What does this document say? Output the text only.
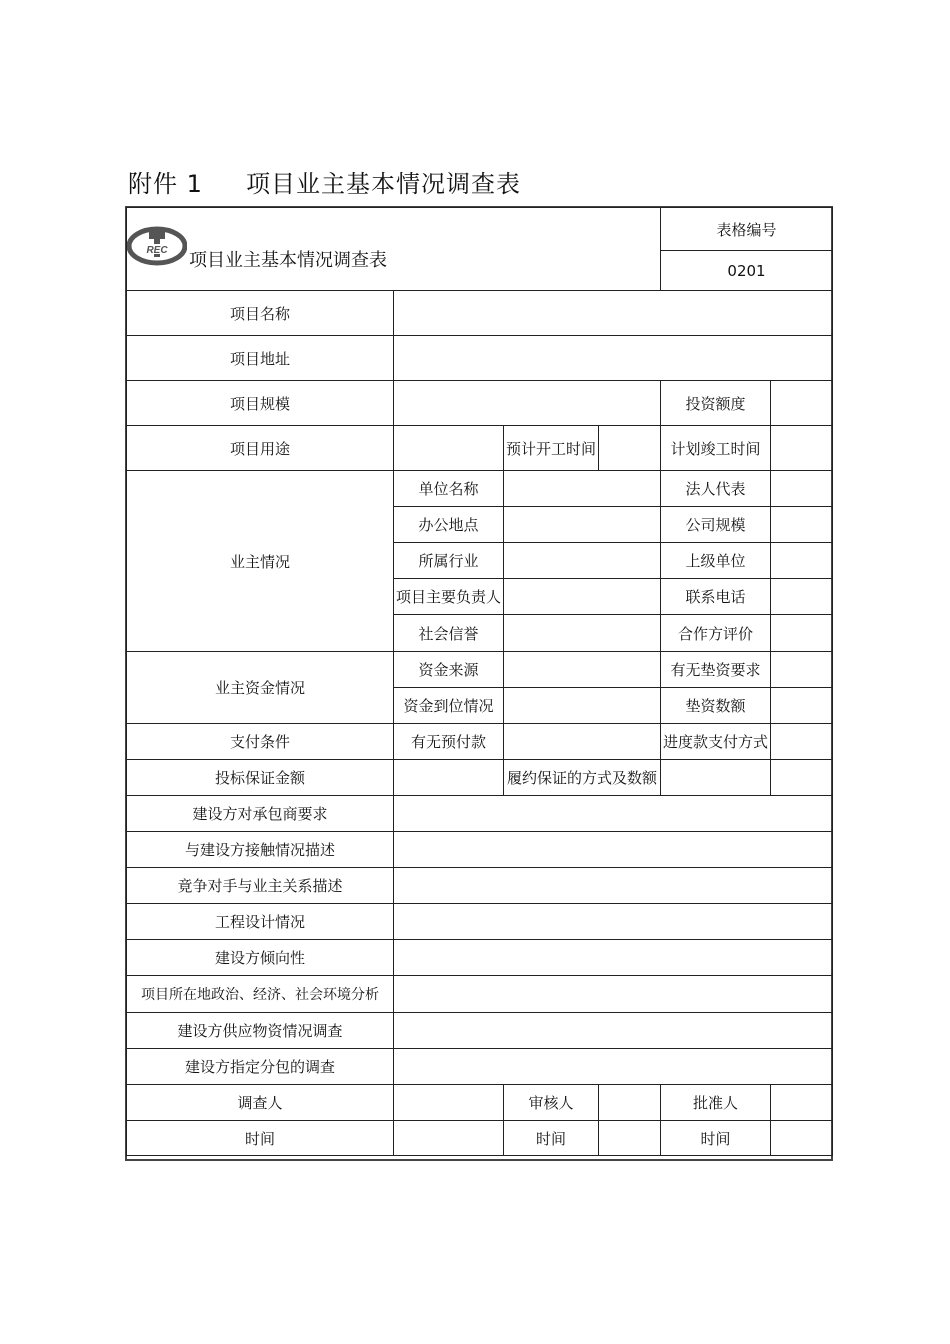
附件 1 项目业主基本情况调查表
REC 项目业主基本情况调查表				表格编号	
				0201	
项目名称					
项目地址					
项目规模				投资额度	
项目用途		预计开工时间		计划竣工时间	
业主情况	单位名称			法人代表	
	办公地点			公司规模	
	所属行业			上级单位	
	项目主要负责人			联系电话	
	社会信誉			合作方评价	
业主资金情况	资金来源			有无垫资要求	
	资金到位情况			垫资数额	
支付条件	有无预付款			进度款支付方式	
投标保证金额		履约保证的方式及数额			
建设方对承包商要求					
与建设方接触情况描述					
竟争对手与业主关系描述					
工程设计情况					
建设方倾向性					
项目所在地政治、经济、社会环境分析					
建设方供应物资情况调查					
建设方指定分包的调查					
调查人		审核人		批准人	
时间		时间		时间	
